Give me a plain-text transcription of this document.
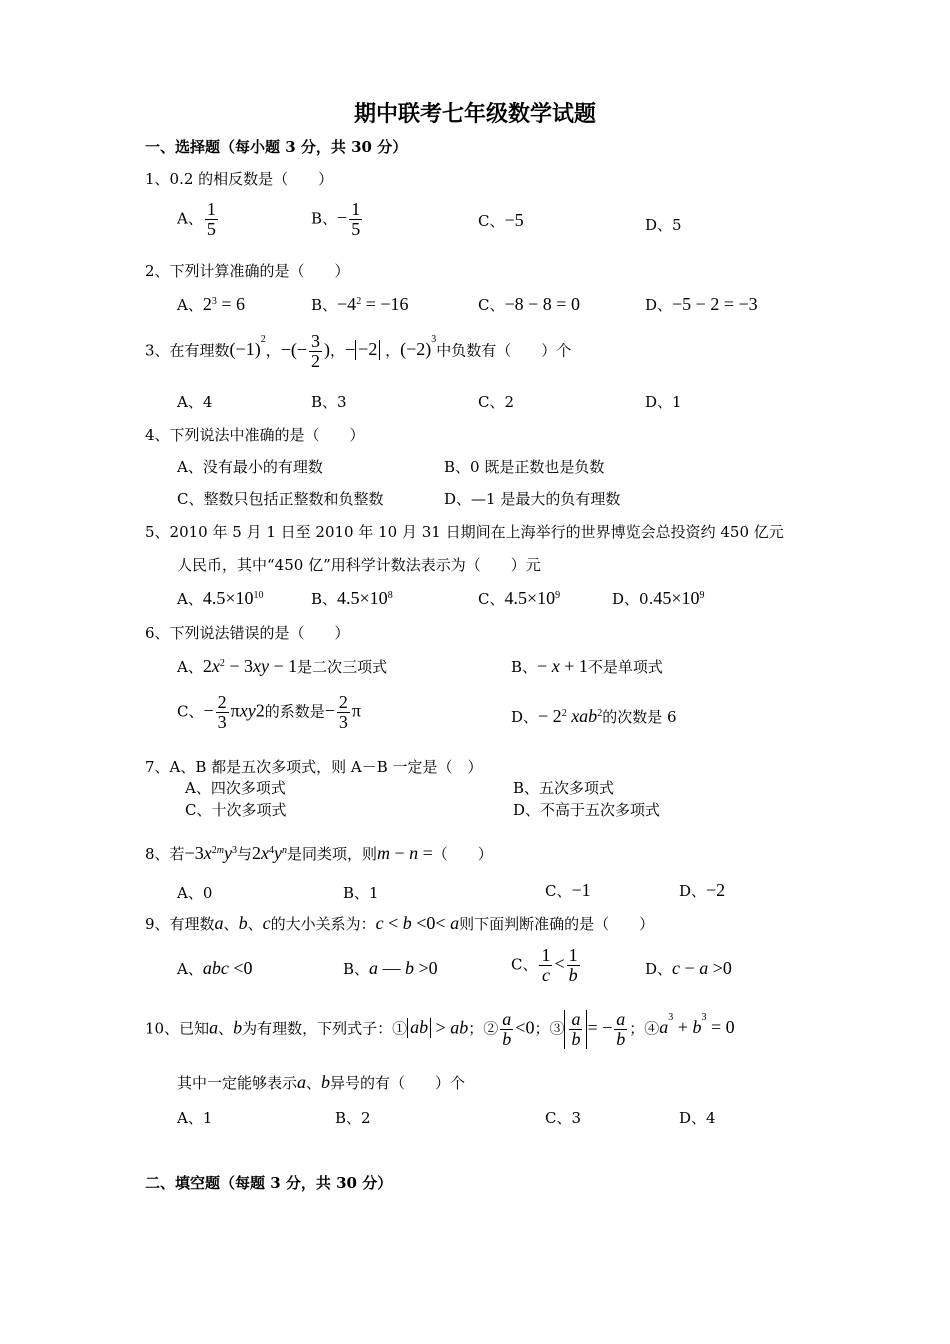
期中联考七年级数学试题
一、选择题（每小题 3 分，共 30 分）
1、0.2 的相反数是（　　）
A、 $\frac{1}{5}$	B、− $\frac{1}{5}$	C、−5	D、5
2、下列计算准确的是（　　）
A、$2^3 = 6$	B、$-4^2 = -16$	C、−8 − 8 = 0	D、−5 − 2 = −3
3、在有理数$(-1)^2$，−(− $\frac{3}{2}$ )，− −2 ，$(-2)^3$中负数有（　　）个
A、4	B、3	C、2	D、1
4、下列说法中准确的是（　　）
A、没有最小的有理数	B、0 既是正数也是负数
C、整数只包括正整数和负整数	D、—1 是最大的负有理数
5、2010 年 5 月 1 日至 2010 年 10 月 31 日期间在上海举行的世界博览会总投资约 450 亿元
人民币，其中“450 亿”用科学计数法表示为（　　）元
A、$4.5\times 10^{10}$	B、$4.5\times 10^8$	C、$4.5\times 10^9$	D、$0.45\times 10^9$
6、下列说法错误的是（　　）
A、$2x^2 - 3xy - 1$是二次三项式	B、− x + 1不是单项式
C、− $\frac{2}{3} \pi xy2$的系数是− $\frac{2}{3}$ π	D、− $2^2$ xab$^2$的次数是 6
7、A、B 都是五次多项式，则 A－B 一定是（　）
A、四次多项式	B、五次多项式
C、十次多项式	D、不高于五次多项式
8、若$-3x^{2m}y^3$与$2x^4y^n$是同类项，则m − n =（　　）
A、0	B、1	C、−1	D、−2
9、有理数a、b、c的大小关系为：c < b <0< a则下面判断准确的是（　　）
A、abc <0	B、a — b >0	C、 $\frac{1}{c} < \frac{1}{b}$	D、c − a >0
10、已知a、b为有理数，下列式子：① ab > ab；② $\frac{a}{b} <0$；③ $\frac{a}{b}$ = − $\frac{a}{b}$ ；$④a^3 + b^3 = 0$
其中一定能够表示a、b异号的有（　　）个
A、1	B、2	C、3	D、4
二、填空题（每题 3 分，共 30 分）
